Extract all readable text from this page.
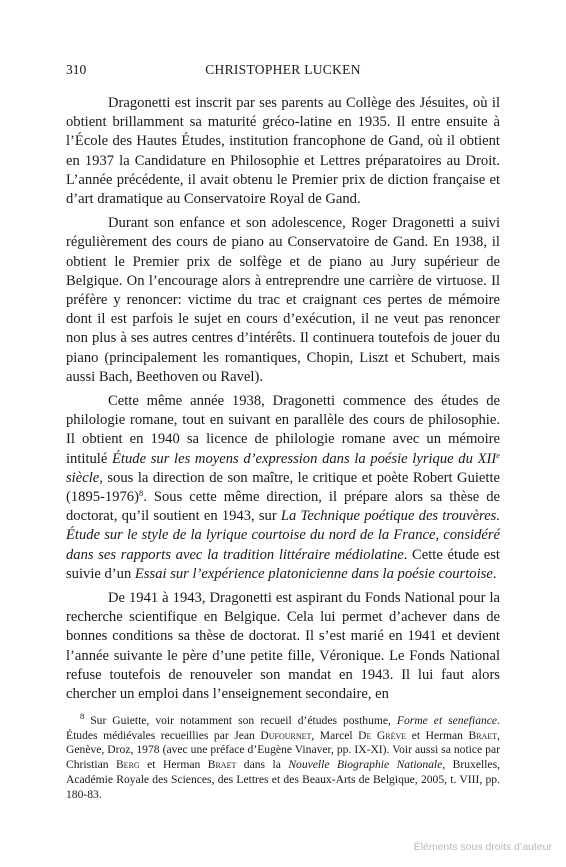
310	CHRISTOPHER LUCKEN

Dragonetti est inscrit par ses parents au Collège des Jésuites, où il obtient brillamment sa maturité gréco-latine en 1935. Il entre ensuite à l’École des Hautes Études, institution francophone de Gand, où il obtient en 1937 la Candidature en Philosophie et Lettres préparatoires au Droit. L’année précédente, il avait obtenu le Premier prix de diction française et d’art dramatique au Conservatoire Royal de Gand.

Durant son enfance et son adolescence, Roger Dragonetti a suivi régulièrement des cours de piano au Conservatoire de Gand. En 1938, il obtient le Premier prix de solfège et de piano au Jury supérieur de Belgique. On l’encourage alors à entreprendre une carrière de virtuose. Il préfère y renoncer: victime du trac et craignant ces pertes de mémoire dont il est parfois le sujet en cours d’exécution, il ne veut pas renoncer non plus à ses autres centres d’intérêts. Il continuera toutefois de jouer du piano (principalement les romantiques, Chopin, Liszt et Schubert, mais aussi Bach, Beethoven ou Ravel).

Cette même année 1938, Dragonetti commence des études de philologie romane, tout en suivant en parallèle des cours de philosophie. Il obtient en 1940 sa licence de philologie romane avec un mémoire intitulé Étude sur les moyens d’expression dans la poésie lyrique du XIIe siècle, sous la direction de son maître, le critique et poète Robert Guiette (1895-1976)$^8$. Sous cette même direction, il prépare alors sa thèse de doctorat, qu’il soutient en 1943, sur La Technique poétique des trouvères. Étude sur le style de la lyrique courtoise du nord de la France, considéré dans ses rapports avec la tradition littéraire médiolatine. Cette étude est suivie d’un Essai sur l’expérience platonicienne dans la poésie courtoise.

De 1941 à 1943, Dragonetti est aspirant du Fonds National pour la recherche scientifique en Belgique. Cela lui permet d’achever dans de bonnes conditions sa thèse de doctorat. Il s’est marié en 1941 et devient l’année suivante le père d’une petite fille, Véronique. Le Fonds National refuse toutefois de renouveler son mandat en 1943. Il lui faut alors chercher un emploi dans l’enseignement secondaire, en

$^8$ Sur Guiette, voir notamment son recueil d’études posthume, Forme et senefiance. Études médiévales recueillies par Jean Dufournet, Marcel De Grève et Herman Braet, Genève, Droz, 1978 (avec une préface d’Eugène Vinaver, pp. IX-XI). Voir aussi sa notice par Christian Berg et Herman Braet dans la Nouvelle Biographie Nationale, Bruxelles, Académie Royale des Sciences, des Lettres et des Beaux-Arts de Belgique, 2005, t. VIII, pp. 180-83.

Éléments sous droits d’auteur
